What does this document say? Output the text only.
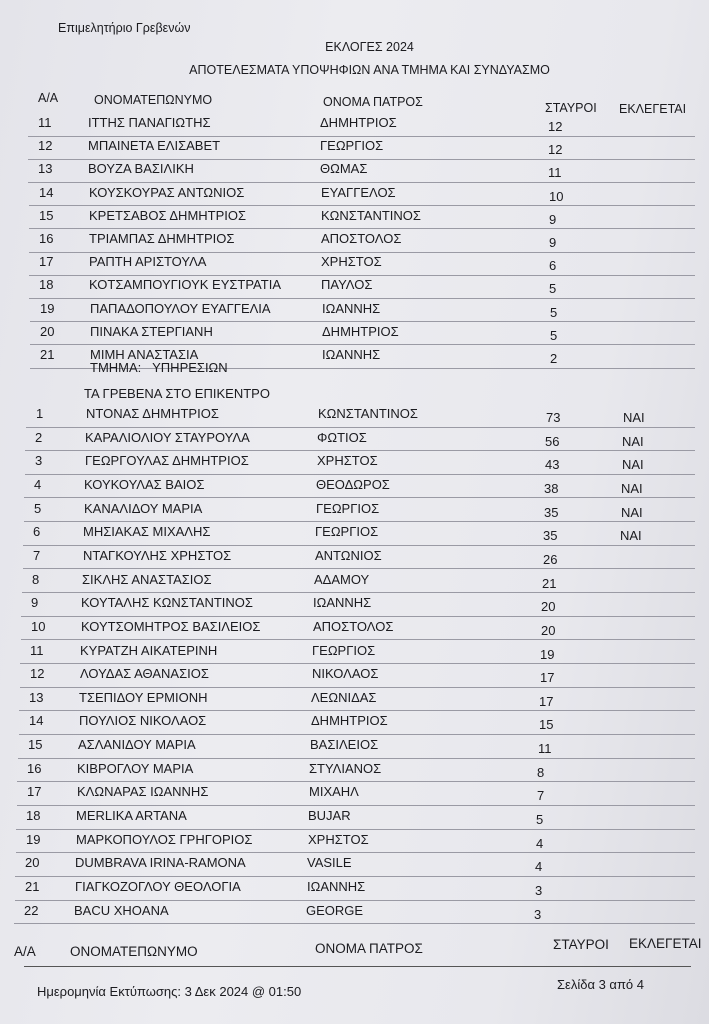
Επιμελητήριο Γρεβενών
ΕΚΛΟΓΕΣ 2024
ΑΠΟΤΕΛΕΣΜΑΤΑ ΥΠΟΨΗΦΙΩΝ ΑΝΑ ΤΜΗΜΑ ΚΑΙ ΣΥΝΔΥΑΣΜΟ
Α/Α	ΟΝΟΜΑΤΕΠΩΝΥΜΟ	ΟΝΟΜΑ ΠΑΤΡΟΣ	ΣΤΑΥΡΟΙ ΕΚΛΕΓΕΤΑΙ
11	ΙΤΤΗΣ ΠΑΝΑΓΙΩΤΗΣ	ΔΗΜΗΤΡΙΟΣ	12
12	ΜΠΑΙΝΕΤΑ ΕΛΙΣΑΒΕΤ	ΓΕΩΡΓΙΟΣ	12
13	ΒΟΥΖΑ ΒΑΣΙΛΙΚΗ	ΘΩΜΑΣ	11
14	ΚΟΥΣΚΟΥΡΑΣ ΑΝΤΩΝΙΟΣ	ΕΥΑΓΓΕΛΟΣ	10
15	ΚΡΕΤΣΑΒΟΣ ΔΗΜΗΤΡΙΟΣ	ΚΩΝΣΤΑΝΤΙΝΟΣ	9
16	ΤΡΙΑΜΠΑΣ ΔΗΜΗΤΡΙΟΣ	ΑΠΟΣΤΟΛΟΣ	9
17	ΡΑΠΤΗ ΑΡΙΣΤΟΥΛΑ	ΧΡΗΣΤΟΣ	6
18	ΚΟΤΣΑΜΠΟΥΓΙΟΥΚ ΕΥΣΤΡΑΤΙΑ	ΠΑΥΛΟΣ	5
19	ΠΑΠΑΔΟΠΟΥΛΟΥ ΕΥΑΓΓΕΛΙΑ	ΙΩΑΝΝΗΣ	5
20	ΠΙΝΑΚΑ ΣΤΕΡΓΙΑΝΗ	ΔΗΜΗΤΡΙΟΣ	5
21	ΜΙΜΗ ΑΝΑΣΤΑΣΙΑ	ΙΩΑΝΝΗΣ	2
ΤΜΗΜΑ: ΥΠΗΡΕΣΙΩΝ
ΤΑ ΓΡΕΒΕΝΑ ΣΤΟ ΕΠΙΚΕΝΤΡΟ
1	ΝΤΟΝΑΣ ΔΗΜΗΤΡΙΟΣ	ΚΩΝΣΤΑΝΤΙΝΟΣ	73	ΝΑΙ
2	ΚΑΡΑΛΙΟΛΙΟΥ ΣΤΑΥΡΟΥΛΑ	ΦΩΤΙΟΣ	56	ΝΑΙ
3	ΓΕΩΡΓΟΥΛΑΣ ΔΗΜΗΤΡΙΟΣ	ΧΡΗΣΤΟΣ	43	ΝΑΙ
4	ΚΟΥΚΟΥΛΑΣ ΒΑΙΟΣ	ΘΕΟΔΩΡΟΣ	38	ΝΑΙ
5	ΚΑΝΑΛΙΔΟΥ ΜΑΡΙΑ	ΓΕΩΡΓΙΟΣ	35	ΝΑΙ
6	ΜΗΣΙΑΚΑΣ ΜΙΧΑΛΗΣ	ΓΕΩΡΓΙΟΣ	35	ΝΑΙ
7	ΝΤΑΓΚΟΥΛΗΣ ΧΡΗΣΤΟΣ	ΑΝΤΩΝΙΟΣ	26
8	ΣΙΚΛΗΣ ΑΝΑΣΤΑΣΙΟΣ	ΑΔΑΜΟΥ	21
9	ΚΟΥΤΑΛΗΣ ΚΩΝΣΤΑΝΤΙΝΟΣ	ΙΩΑΝΝΗΣ	20
10	ΚΟΥΤΣΟΜΗΤΡΟΣ ΒΑΣΙΛΕΙΟΣ	ΑΠΟΣΤΟΛΟΣ	20
11	ΚΥΡΑΤΖΗ ΑΙΚΑΤΕΡΙΝΗ	ΓΕΩΡΓΙΟΣ	19
12	ΛΟΥΔΑΣ ΑΘΑΝΑΣΙΟΣ	ΝΙΚΟΛΑΟΣ	17
13	ΤΣΕΠΙΔΟΥ ΕΡΜΙΟΝΗ	ΛΕΩΝΙΔΑΣ	17
14	ΠΟΥΛΙΟΣ ΝΙΚΟΛΑΟΣ	ΔΗΜΗΤΡΙΟΣ	15
15	ΑΣΛΑΝΙΔΟΥ ΜΑΡΙΑ	ΒΑΣΙΛΕΙΟΣ	11
16	ΚΙΒΡΟΓΛΟΥ ΜΑΡΙΑ	ΣΤΥΛΙΑΝΟΣ	8
17	ΚΛΩΝΑΡΑΣ ΙΩΑΝΝΗΣ	ΜΙΧΑΗΛ	7
18	MERLIKA ARTANA	BUJAR	5
19	ΜΑΡΚΟΠΟΥΛΟΣ ΓΡΗΓΟΡΙΟΣ	ΧΡΗΣΤΟΣ	4
20	DUMBRAVA IRINA-RAMONA	VASILE	4
21	ΓΙΑΓΚΟΖΟΓΛΟΥ ΘΕΟΛΟΓΙΑ	ΙΩΑΝΝΗΣ	3
22	BACU XHOANA	GEORGE	3
Α/Α	ΟΝΟΜΑΤΕΠΩΝΥΜΟ	ΟΝΟΜΑ ΠΑΤΡΟΣ	ΣΤΑΥΡΟΙ ΕΚΛΕΓΕΤΑΙ
Ημερομηνία Εκτύπωσης: 3 Δεκ 2024 @ 01:50	Σελίδα 3 από 4
